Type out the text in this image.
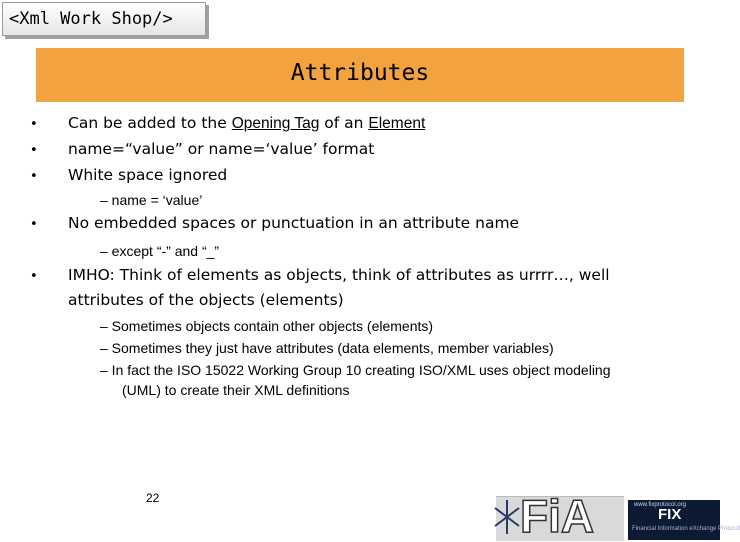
<Xml Work Shop/>
Attributes
• Can be added to the Opening Tag of an Element
• name=“value” or name=‘value’ format
• White space ignored
– name = ‘value’
• No embedded spaces or punctuation in an attribute name
– except “-” and “_”
• IMHO: Think of elements as objects, think of attributes as urrrr…, well
attributes of the objects (elements)
– Sometimes objects contain other objects (elements)
– Sometimes they just have attributes (data elements, member variables)
– In fact the ISO 15022 Working Group 10 creating ISO/XML uses object modeling
(UML) to create their XML definitions
22	FiA	FIX
Financial Information eXchange Protocol
www.fixprotocol.org
